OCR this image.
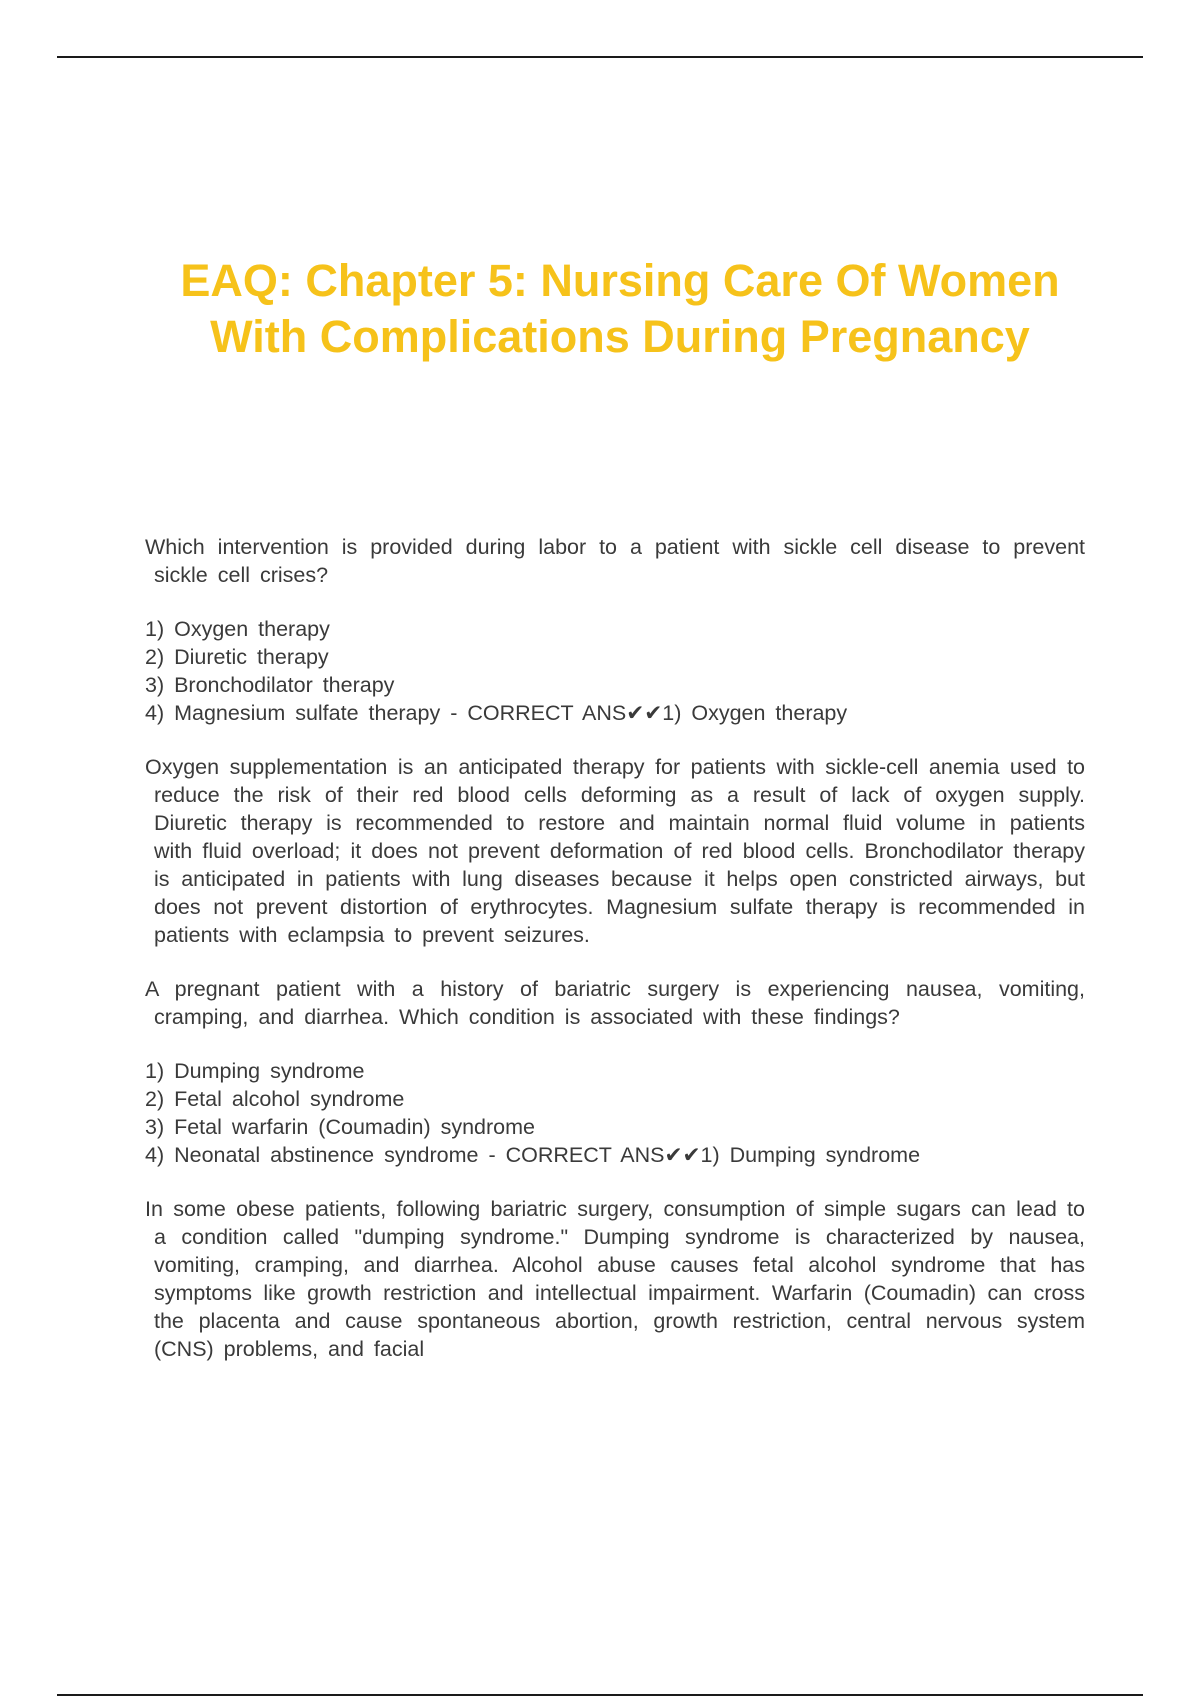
EAQ: Chapter 5: Nursing Care Of Women With Complications During Pregnancy

Which intervention is provided during labor to a patient with sickle cell disease to prevent sickle cell crises?

1) Oxygen therapy
2) Diuretic therapy
3) Bronchodilator therapy
4) Magnesium sulfate therapy - CORRECT ANS✔✔1) Oxygen therapy

Oxygen supplementation is an anticipated therapy for patients with sickle-cell anemia used to reduce the risk of their red blood cells deforming as a result of lack of oxygen supply. Diuretic therapy is recommended to restore and maintain normal fluid volume in patients with fluid overload; it does not prevent deformation of red blood cells. Bronchodilator therapy is anticipated in patients with lung diseases because it helps open constricted airways, but does not prevent distortion of erythrocytes. Magnesium sulfate therapy is recommended in patients with eclampsia to prevent seizures.

A pregnant patient with a history of bariatric surgery is experiencing nausea, vomiting, cramping, and diarrhea. Which condition is associated with these findings?

1) Dumping syndrome
2) Fetal alcohol syndrome
3) Fetal warfarin (Coumadin) syndrome
4) Neonatal abstinence syndrome - CORRECT ANS✔✔1) Dumping syndrome

In some obese patients, following bariatric surgery, consumption of simple sugars can lead to a condition called "dumping syndrome." Dumping syndrome is characterized by nausea, vomiting, cramping, and diarrhea. Alcohol abuse causes fetal alcohol syndrome that has symptoms like growth restriction and intellectual impairment. Warfarin (Coumadin) can cross the placenta and cause spontaneous abortion, growth restriction, central nervous system (CNS) problems, and facial
